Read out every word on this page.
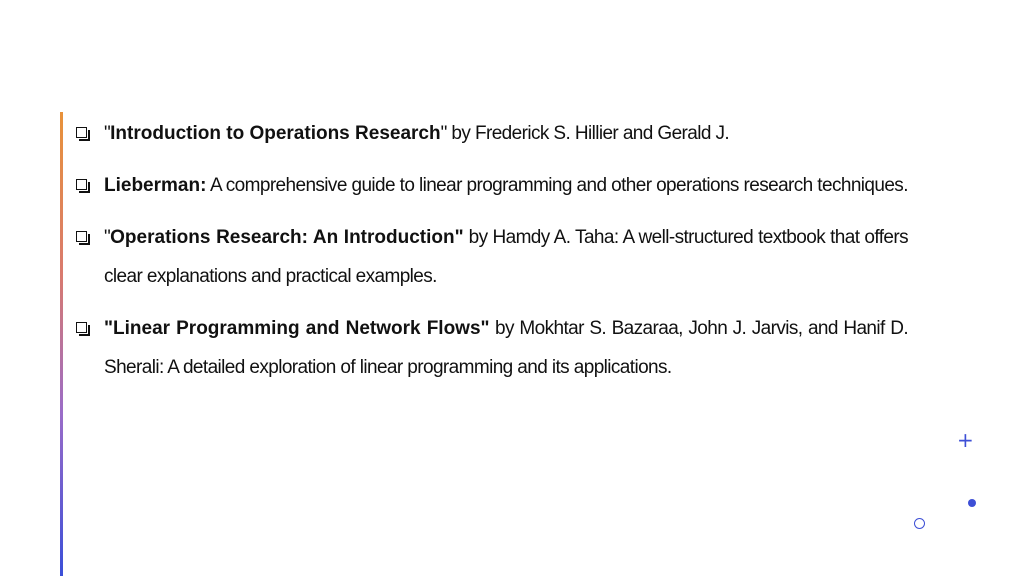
"Introduction to Operations Research" by Frederick S. Hillier and Gerald J.
Lieberman: A comprehensive guide to linear programming and other operations research techniques.
"Operations Research: An Introduction" by Hamdy A. Taha: A well-structured textbook that offers clear explanations and practical examples.
"Linear Programming and Network Flows" by Mokhtar S. Bazaraa, John J. Jarvis, and Hanif D. Sherali: A detailed exploration of linear programming and its applications.
+
